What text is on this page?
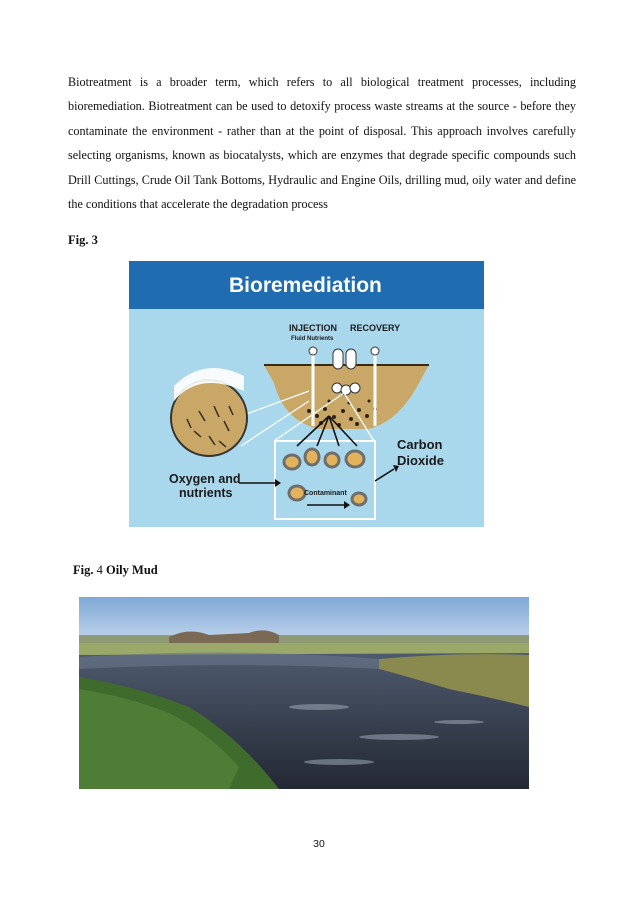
Biotreatment is a broader term, which refers to all biological treatment processes, including bioremediation. Biotreatment can be used to detoxify process waste streams at the source - before they contaminate the environment - rather than at the point of disposal. This approach involves carefully selecting organisms, known as biocatalysts, which are enzymes that degrade specific compounds such Drill Cuttings, Crude Oil Tank Bottoms, Hydraulic and Engine Oils, drilling mud, oily water and define the conditions that accelerate the degradation process

Fig. 3

Bioremediation
INJECTION
Fluid Nutrients
RECOVERY
Contaminant
Carbon
Dioxide
Oxygen and
nutrients

Fig. 4 Oily Mud

30
